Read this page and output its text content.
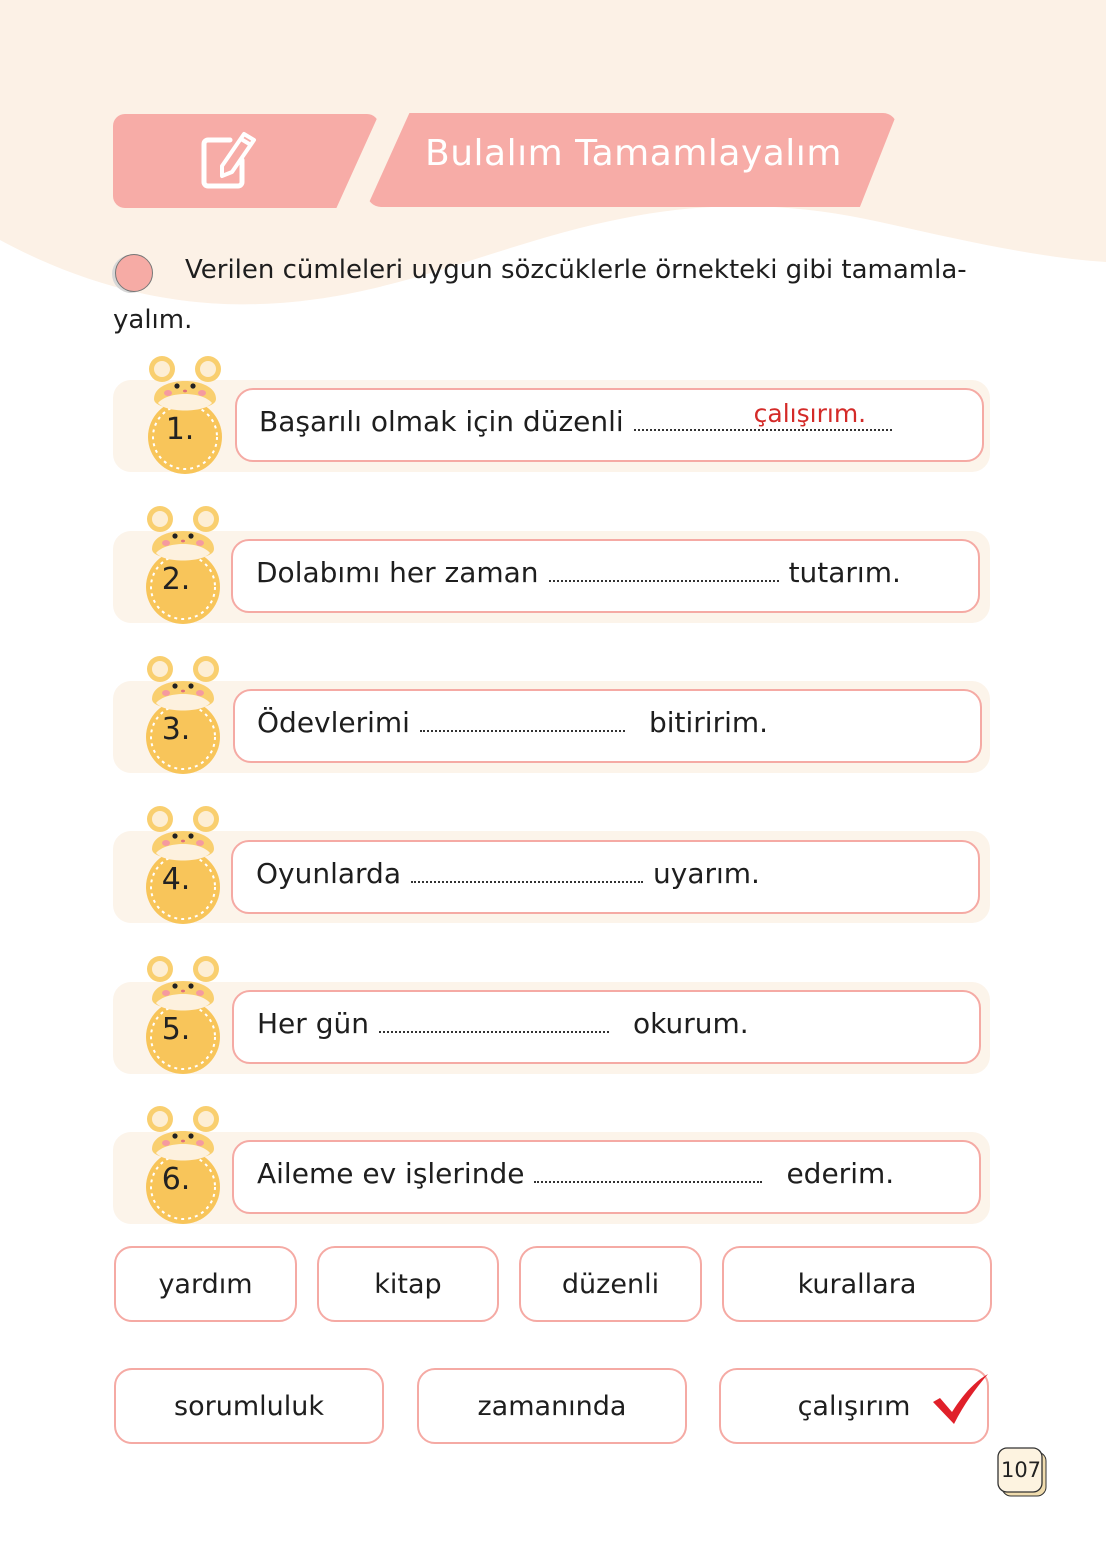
Bulalım Tamamlayalım
Verilen cümleleri uygun sözcüklerle örnekteki gibi tamamla-
yalım.
1.	Başarılı olmak için düzenli	çalışırım.
2.	Dolabımı her zaman	tutarım.
3.	Ödevlerimi	bitiririm.
4.	Oyunlarda	uyarım.
5.	Her gün	okurum.
6.	Aileme ev işlerinde	ederim.
yardım	kitap	düzenli	kurallara
sorumluluk	zamanında	çalışırım
107
